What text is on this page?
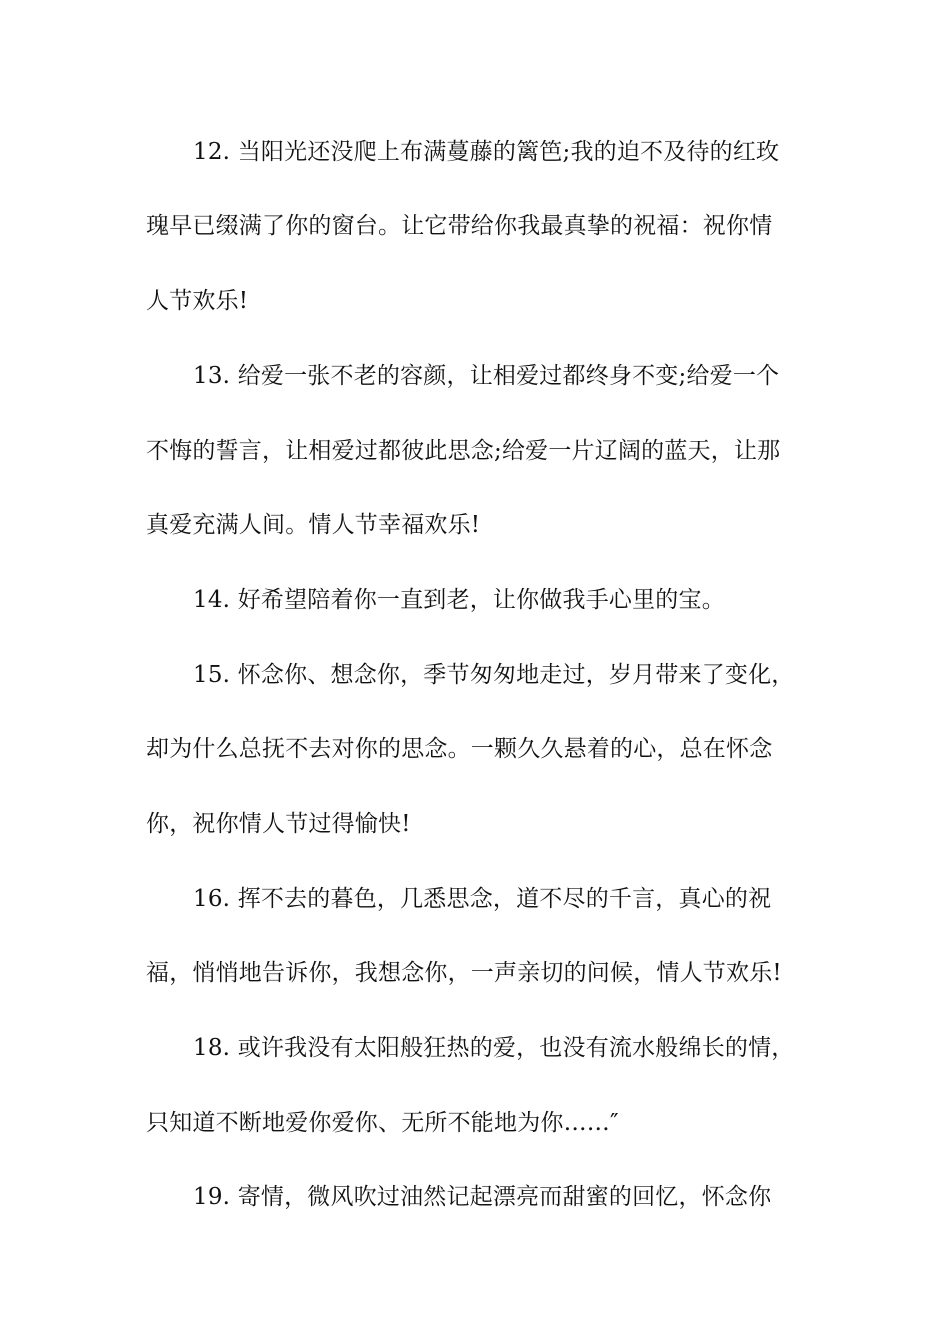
12. 当阳光还没爬上布满蔓藤的篱笆;我的迫不及待的红玫
瑰早已缀满了你的窗台。让它带给你我最真挚的祝福：祝你情
人节欢乐!
13. 给爱一张不老的容颜，让相爱过都终身不变;给爱一个
不悔的誓言，让相爱过都彼此思念;给爱一片辽阔的蓝天，让那
真爱充满人间。情人节幸福欢乐!
14. 好希望陪着你一直到老，让你做我手心里的宝。
15. 怀念你、想念你，季节匆匆地走过，岁月带来了变化，
却为什么总抚不去对你的思念。一颗久久悬着的心，总在怀念
你，祝你情人节过得愉快!
16. 挥不去的暮色，几悉思念，道不尽的千言，真心的祝
福，悄悄地告诉你，我想念你，一声亲切的问候，情人节欢乐!
18. 或许我没有太阳般狂热的爱，也没有流水般绵长的情，
只知道不断地爱你爱你、无所不能地为你……″
19. 寄情，微风吹过油然记起漂亮而甜蜜的回忆，怀念你
